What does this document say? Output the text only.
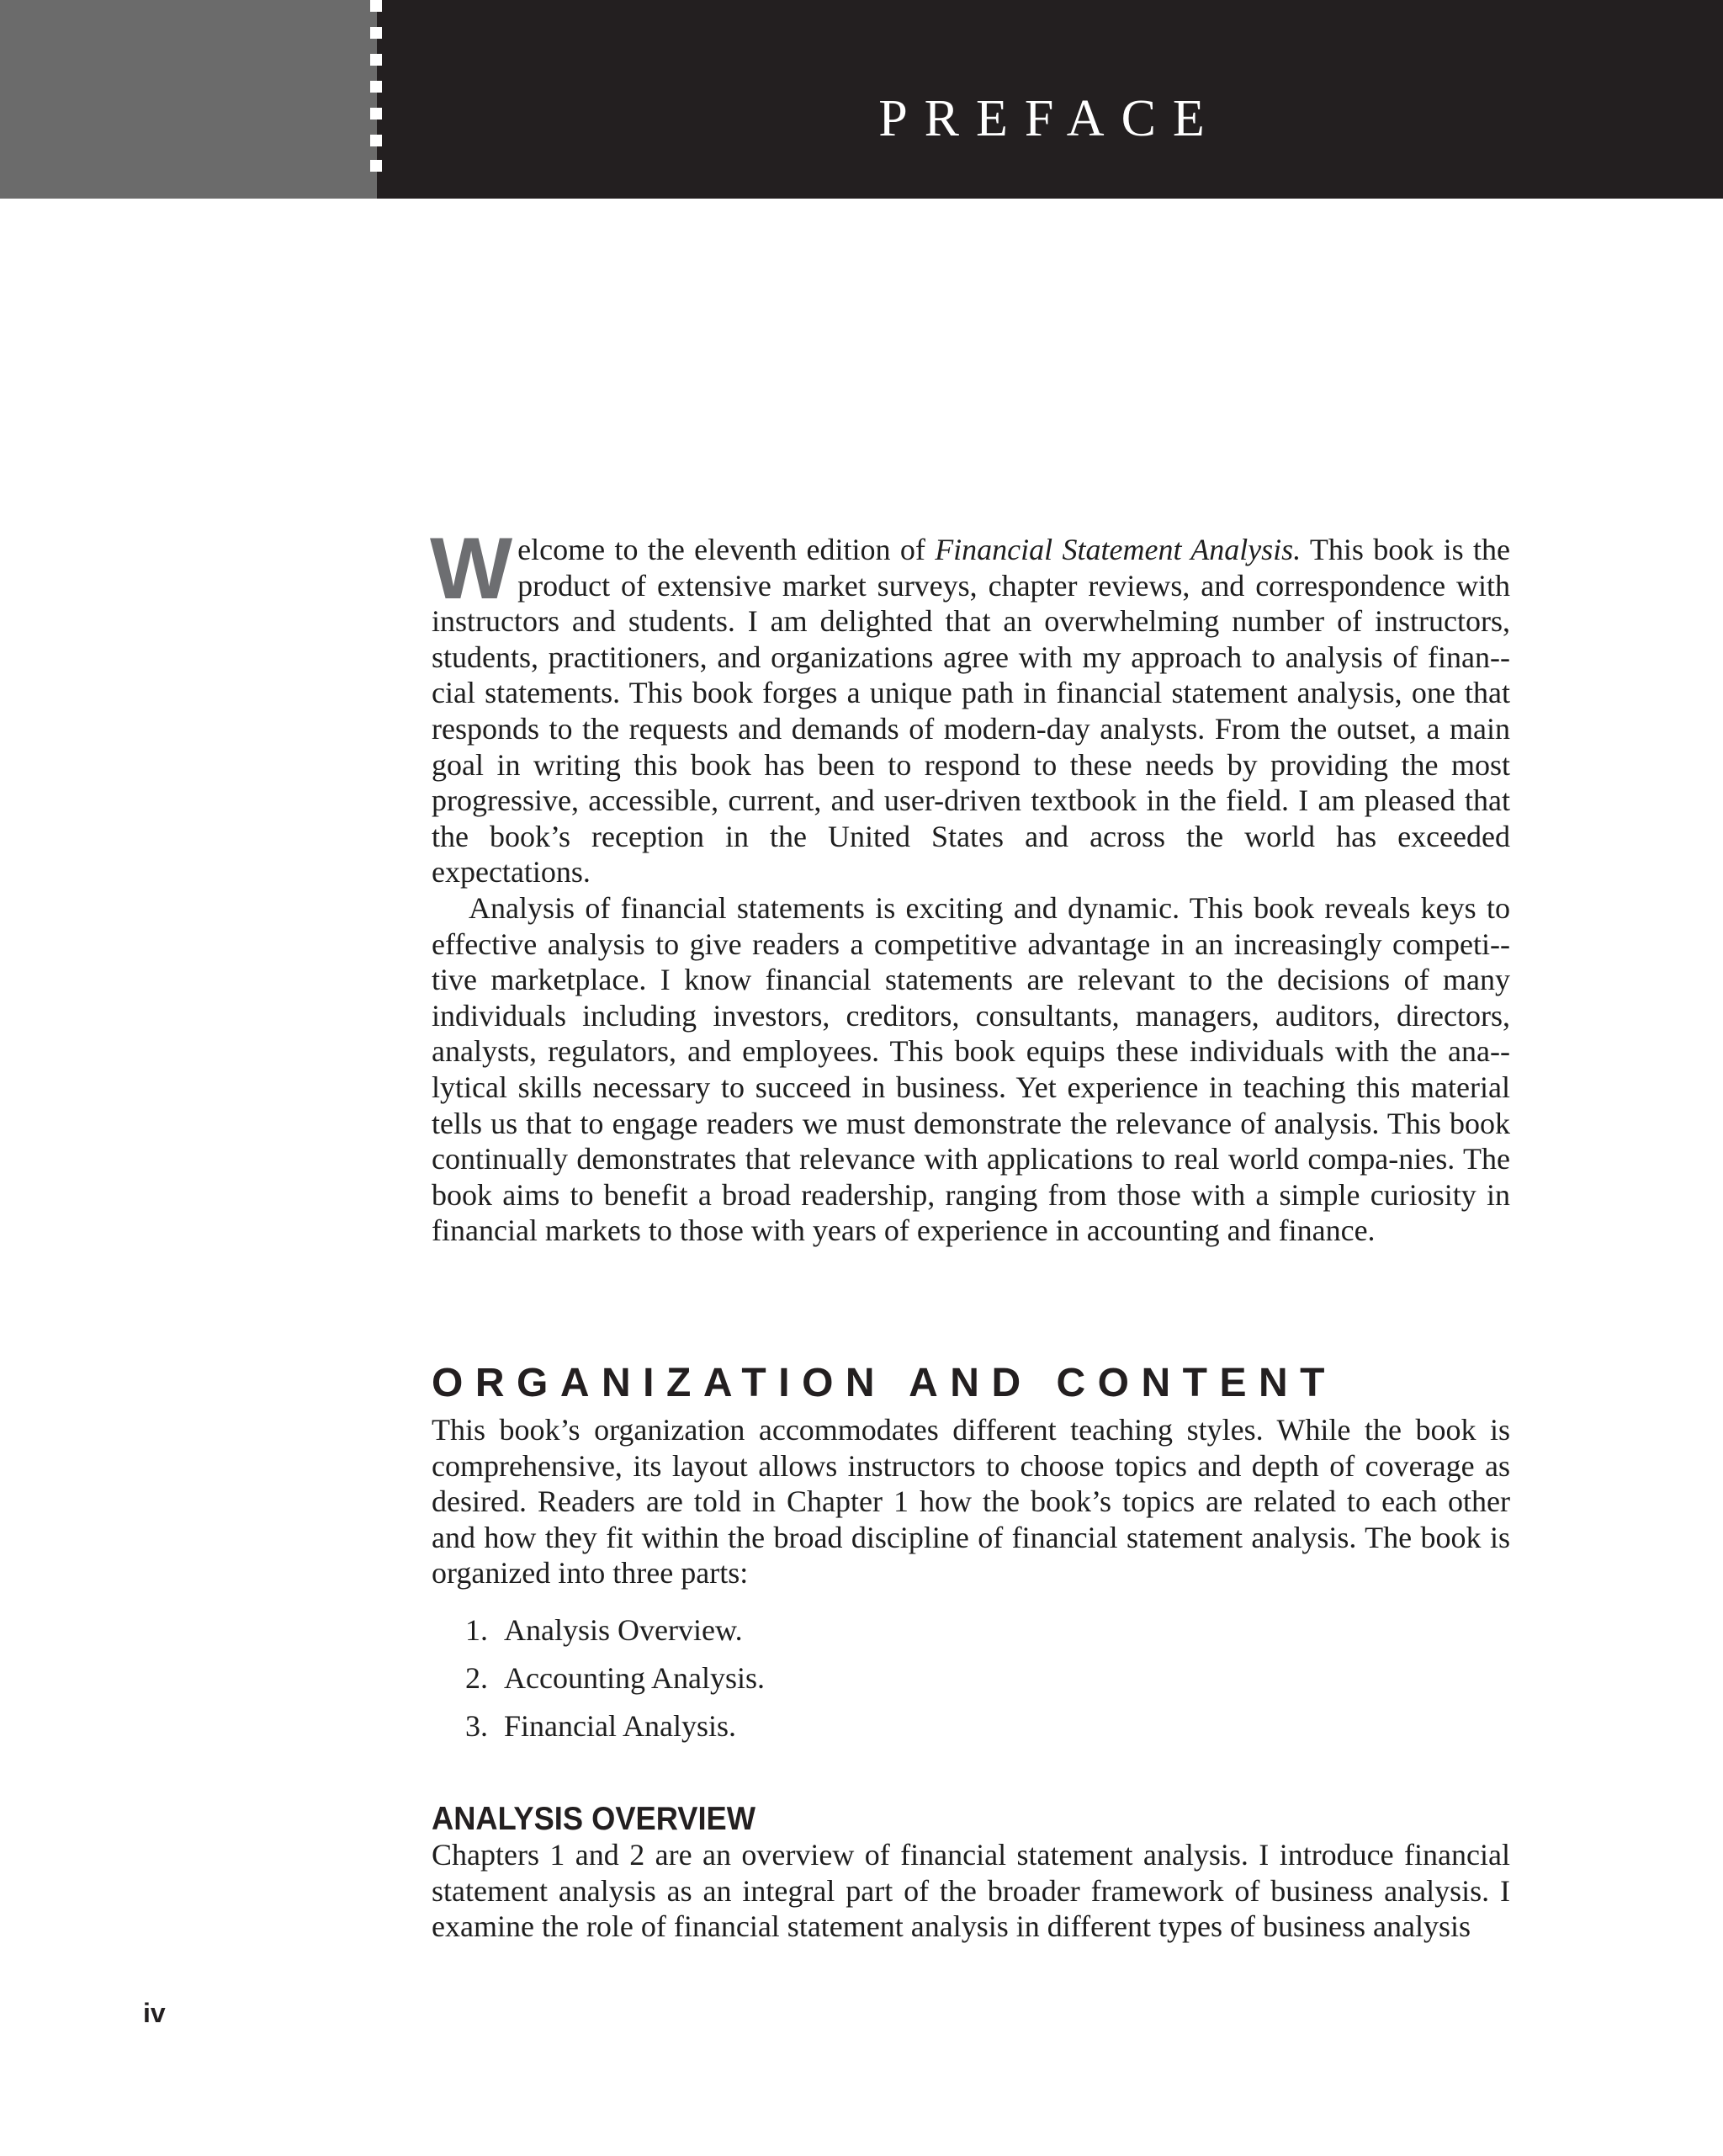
PREFACE

Welcome to the eleventh edition of Financial Statement Analysis. This book is the product of extensive market surveys, chapter reviews, and correspondence with instructors and students. I am delighted that an overwhelming number of instructors, students, practitioners, and organizations agree with my approach to analysis of finan-cial statements. This book forges a unique path in financial statement analysis, one that responds to the requests and demands of modern-day analysts. From the outset, a main goal in writing this book has been to respond to these needs by providing the most progressive, accessible, current, and user-driven textbook in the field. I am pleased that the book’s reception in the United States and across the world has exceeded expectations.

Analysis of financial statements is exciting and dynamic. This book reveals keys to effective analysis to give readers a competitive advantage in an increasingly competi-tive marketplace. I know financial statements are relevant to the decisions of many individuals including investors, creditors, consultants, managers, auditors, directors, analysts, regulators, and employees. This book equips these individuals with the ana-lytical skills necessary to succeed in business. Yet experience in teaching this material tells us that to engage readers we must demonstrate the relevance of analysis. This book continually demonstrates that relevance with applications to real world compa-nies. The book aims to benefit a broad readership, ranging from those with a simple curiosity in financial markets to those with years of experience in accounting and finance.

ORGANIZATION AND CONTENT

This book’s organization accommodates different teaching styles. While the book is comprehensive, its layout allows instructors to choose topics and depth of coverage as desired. Readers are told in Chapter 1 how the book’s topics are related to each other and how they fit within the broad discipline of financial statement analysis. The book is organized into three parts:

1. Analysis Overview.
2. Accounting Analysis.
3. Financial Analysis.
ANALYSIS OVERVIEW

Chapters 1 and 2 are an overview of financial statement analysis. I introduce financial statement analysis as an integral part of the broader framework of business analysis. I examine the role of financial statement analysis in different types of business analysis

iv
